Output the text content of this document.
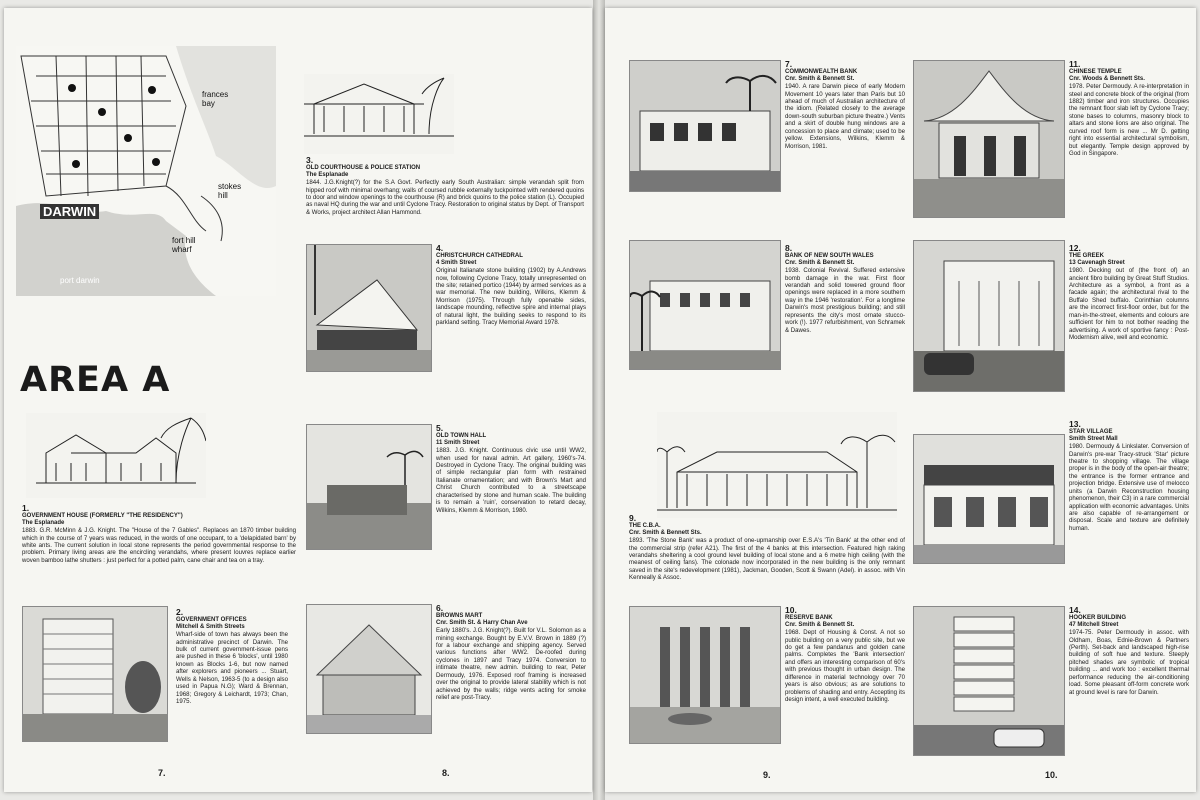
frances bay
stokes hill
DARWIN
fort hill wharf
port darwin
AREA A
1.
GOVERNMENT HOUSE (FORMERLY "THE RESIDENCY")
The Esplanade
1883. G.R. McMinn & J.G. Knight. The "House of the 7 Gables". Replaces an 1870 timber building which in the course of 7 years was reduced, in the words of one occupant, to a 'delapidated barn' by white ants. The current solution in local stone represents the period governmental response to the problem. Primary living areas are the encircling verandahs, where present louvres replace earlier woven bamboo lathe shutters : just perfect for a potted palm, cane chair and tea on a tray.
2.
GOVERNMENT OFFICES
Mitchell & Smith Streets
Wharf-side of town has always been the administrative precinct of Darwin. The bulk of current government-issue pens are pushed in these 6 'blocks', until 1980 known as Blocks 1-6, but now named after explorers and pioneers ... Stuart, Wells & Nelson, 1963-5 (to a design also used in Papua N.G); Ward & Brennan, 1968; Gregory & Leichardt, 1973; Chan, 1975.
3.
OLD COURTHOUSE & POLICE STATION
The Esplanade
1844. J.G.Knight(?) for the S.A Govt. Perfectly early South Australian: simple verandah split from hipped roof with minimal overhang; walls of coursed rubble externally tuckpointed with rendered quoins to door and window openings to the courthouse (R) and brick quoins to the police station (L). Occupied as naval HQ during the war and until Cyclone Tracy. Restoration to original status by Dept. of Transport & Works, project architect Allan Hammond.
4.
CHRISTCHURCH CATHEDRAL
4 Smith Street
Original Italianate stone building (1902) by A.Andrews now, following Cyclone Tracy, totally unrepresented on the site; retained portico (1944) by armed services as a war memorial. The new building, Wilkins, Klemm & Morrison (1975). Through fully openable sides, landscape mounding, reflective spire and internal plays of natural light, the building seeks to respond to its parkland setting. Tracy Memorial Award 1978.
5.
OLD TOWN HALL
11 Smith Street
1883. J.G. Knight. Continuous civic use until WW2, when used for naval admin. Art gallery, 1960's-74. Destroyed in Cyclone Tracy. The original building was of simple rectangular plan form with restrained Italianate ornamentation; and with Brown's Mart and Christ Church contributed to a streetscape characterised by stone and human scale. The building is to remain a 'ruin', conservation to retard decay, Wilkins, Klemm & Morrison, 1980.
6.
BROWNS MART
Cnr. Smith St. & Harry Chan Ave
Early 1880's. J.G. Knight(?). Built for V.L. Solomon as a mining exchange. Bought by E.V.V. Brown in 1889 (?) for a labour exchange and shipping agency. Served various functions after WW2. De-roofed during cyclones in 1897 and Tracy 1974. Conversion to intimate theatre, new admin. building to rear, Peter Dermoudy, 1976. Exposed roof framing is increased over the original to provide lateral stability which is not achieved by the walls; ridge vents acting for smoke relief are post-Tracy.
7.	8.
7.
COMMONWEALTH BANK
Cnr. Smith & Bennett St.
1940. A rare Darwin piece of early Modern Movement 10 years later than Paris but 10 ahead of much of Australian architecture of the idiom. (Related closely to the average down-south suburban picture theatre.) Vents and a skirt of double hung windows are a concession to place and climate; used to be yellow. Extensions, Wilkins, Klemm & Morrison, 1981.
8.
BANK OF NEW SOUTH WALES
Cnr. Smith & Bennett St.
1938. Colonial Revival. Suffered extensive bomb damage in the war. First floor verandah and solid towered ground floor openings were replaced in a more southern way in the 1946 'restoration'. For a longtime Darwin's most prestigious building; and still represents the city's most ornate stucco-work (!). 1977 refurbishment, von Schramek & Dawes.
9.
THE C.B.A.
Cnr. Smith & Bennett Sts.
1893. 'The Stone Bank' was a product of one-upmanship over E.S.A's 'Tin Bank' at the other end of the commercial strip (refer A21). The first of the 4 banks at this intersection. Featured high raking verandahs sheltering a cool ground level building of local stone and a 6 metre high ceiling (with the meanest of ceiling fans). The colonade now incorporated in the new building is the only remnant saved in the site's redevelopment (1981), Jackman, Gooden, Scott & Swann (Adel). in assoc. with Vin Kenneally & Assoc.
10.
RESERVE BANK
Cnr. Smith & Bennett St.
1968. Dept of Housing & Const. A not so public building on a very public site, but we do get a few pandanus and golden cane palms. Completes the 'Bank intersection' and offers an interesting comparison of 60's with previous thought in urban design. The difference in material technology over 70 years is also obvious; as are solutions to problems of shading and entry. Accepting its design intent, a well executed building.
11.
CHINESE TEMPLE
Cnr. Woods & Bennett Sts.
1978. Peter Dermoudy. A re-interpretation in steel and concrete block of the original (from 1882) timber and iron structures. Occupies the remnant floor slab left by Cyclone Tracy; stone bases to columns, masonry block to altars and stone lions are also original. The curved roof form is new ... Mr D. getting right into essential architectural symbolism, but elegantly. Temple design approved by God in Singapore.
12.
THE GREEK
13 Cavenagh Street
1980. Decking out of (the front of) an ancient fibro building by Great Stuff Studios. Architecture as a symbol, a front as a facade again; the architectural rival to the Buffalo Shed buffalo. Corinthian columns are the incorrect first-floor order, but for the man-in-the-street, elements and colours are sufficient for him to not bother reading the advertising. A work of sportive fancy : Post-Modernism alive, well and economic.
13.
STAR VILLAGE
Smith Street Mall
1980. Dermoudy & Linkslater. Conversion of Darwin's pre-war Tracy-struck 'Star' picture theatre to shopping village. The village proper is in the body of the open-air theatre; the entrance is the former entrance and projection bridge. Extensive use of melocco units (a Darwin Reconstruction housing phenomenon, their C3) in a rare commercial application with economic advantages. Units are also capable of re-arrangement or disposal. Scale and texture are definitely human.
14.
HOOKER BUILDING
47 Mitchell Street
1974-75. Peter Dermoudy in assoc. with Oldham, Boas, Ednie-Brown & Partners (Perth). Set-back and landscaped high-rise building of soft hue and texture. Steeply pitched shades are symbolic of tropical building ... and work too : excellent thermal performance reducing the air-conditioning load. Some pleasant off-form concrete work at ground level is rare for Darwin.
9.	10.
